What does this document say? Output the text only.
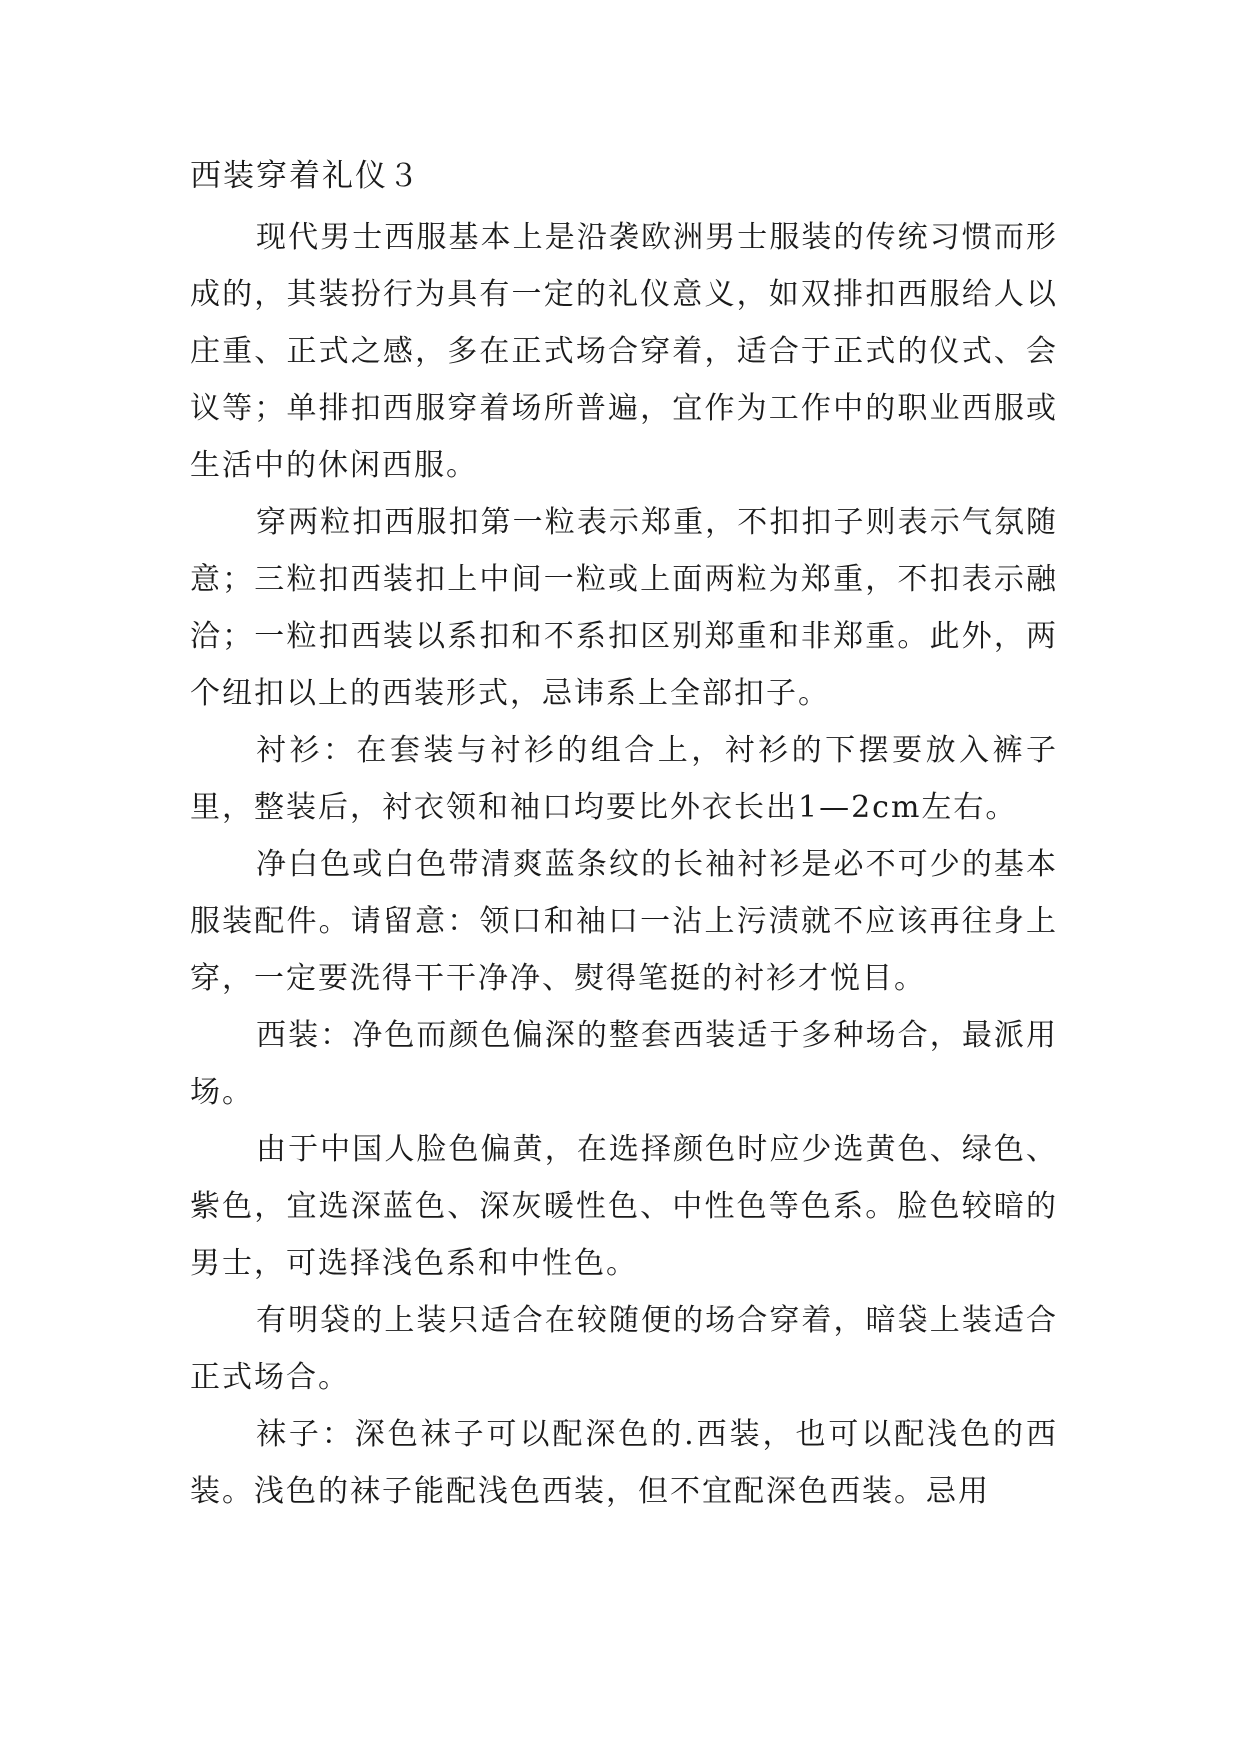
西装穿着礼仪３

现代男士西服基本上是沿袭欧洲男士服装的传统习惯而形成的，其装扮行为具有一定的礼仪意义，如双排扣西服给人以庄重、正式之感，多在正式场合穿着，适合于正式的仪式、会议等；单排扣西服穿着场所普遍，宜作为工作中的职业西服或生活中的休闲西服。

穿两粒扣西服扣第一粒表示郑重，不扣扣子则表示气氛随意；三粒扣西装扣上中间一粒或上面两粒为郑重，不扣表示融洽；一粒扣西装以系扣和不系扣区别郑重和非郑重。此外，两个纽扣以上的西装形式，忌讳系上全部扣子。

衬衫：在套装与衬衫的组合上，衬衫的下摆要放入裤子里，整装后，衬衣领和袖口均要比外衣长出1—2cm左右。

净白色或白色带清爽蓝条纹的长袖衬衫是必不可少的基本服装配件。请留意：领口和袖口一沾上污渍就不应该再往身上穿，一定要洗得干干净净、熨得笔挺的衬衫才悦目。

西装：净色而颜色偏深的整套西装适于多种场合，最派用场。

由于中国人脸色偏黄，在选择颜色时应少选黄色、绿色、紫色，宜选深蓝色、深灰暖性色、中性色等色系。脸色较暗的男士，可选择浅色系和中性色。

有明袋的上装只适合在较随便的场合穿着，暗袋上装适合正式场合。

袜子：深色袜子可以配深色的.西装，也可以配浅色的西装。浅色的袜子能配浅色西装，但不宜配深色西装。忌用
